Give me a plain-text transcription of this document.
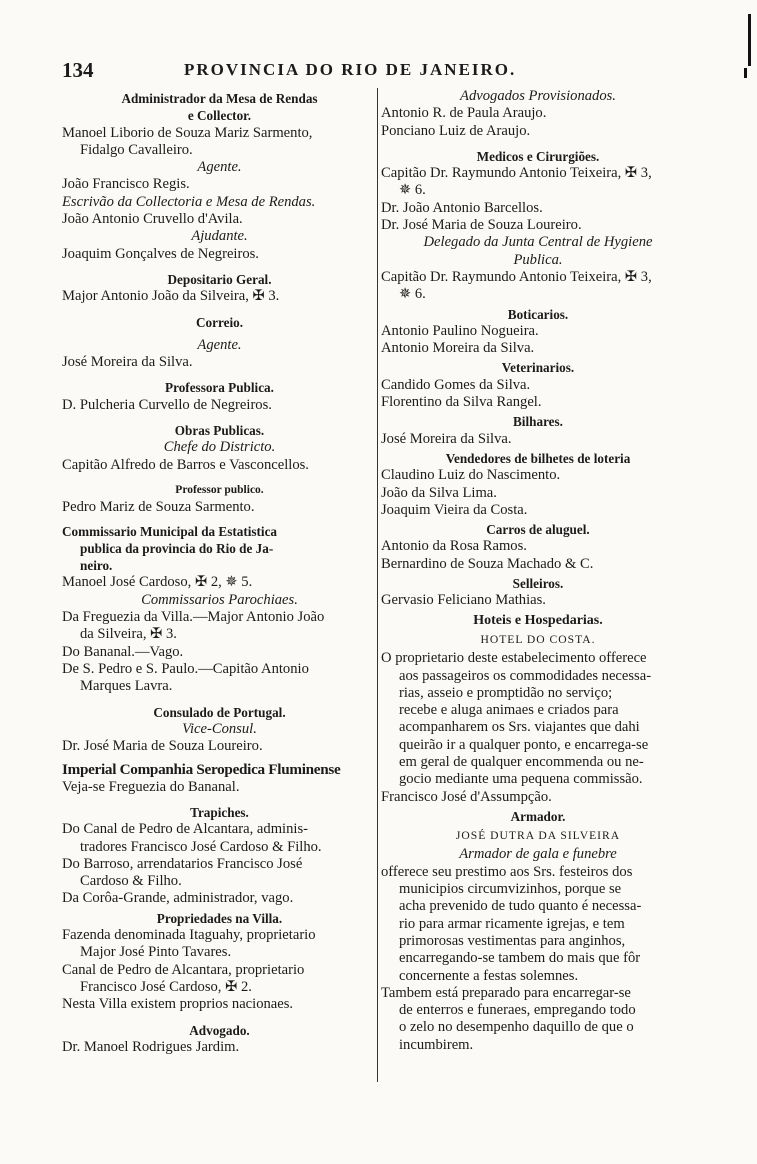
134	PROVINCIA DO RIO DE JANEIRO.
Administrador da Mesa de Rendas
e Collector.
Manoel Liborio de Souza Mariz Sarmento,
Fidalgo Cavalleiro.
Agente.
João Francisco Regis.
Escrivão da Collectoria e Mesa de Rendas.
João Antonio Cruvello d'Avila.
Ajudante.
Joaquim Gonçalves de Negreiros.
Depositario Geral.
Major Antonio João da Silveira, ✠ 3.
Correio.
Agente.
José Moreira da Silva.
Professora Publica.
D. Pulcheria Curvello de Negreiros.
Obras Publicas.
Chefe do Districto.
Capitão Alfredo de Barros e Vasconcellos.
Professor publico.
Pedro Mariz de Souza Sarmento.
Commissario Municipal da Estatistica
publica da provincia do Rio de Ja-
neiro.
Manoel José Cardoso, ✠ 2, ✵ 5.
Commissarios Parochiaes.
Da Freguezia da Villa.—Major Antonio João
da Silveira, ✠ 3.
Do Bananal.—Vago.
De S. Pedro e S. Paulo.—Capitão Antonio
Marques Lavra.
Consulado de Portugal.
Vice-Consul.
Dr. José Maria de Souza Loureiro.
Imperial Companhia Seropedica Fluminense
Veja-se Freguezia do Bananal.
Trapiches.
Do Canal de Pedro de Alcantara, adminis-
tradores Francisco José Cardoso & Filho.
Do Barroso, arrendatarios Francisco José
Cardoso & Filho.
Da Corôa-Grande, administrador, vago.
Propriedades na Villa.
Fazenda denominada Itaguahy, proprietario
Major José Pinto Tavares.
Canal de Pedro de Alcantara, proprietario
Francisco José Cardoso, ✠ 2.
Nesta Villa existem proprios nacionaes.
Advogado.
Dr. Manoel Rodrigues Jardim.
Advogados Provisionados.
Antonio R. de Paula Araujo.
Ponciano Luiz de Araujo.
Medicos e Cirurgiões.
Capitão Dr. Raymundo Antonio Teixeira, ✠ 3,
✵ 6.
Dr. João Antonio Barcellos.
Dr. José Maria de Souza Loureiro.
Delegado da Junta Central de Hygiene
Publica.
Capitão Dr. Raymundo Antonio Teixeira, ✠ 3,
✵ 6.
Boticarios.
Antonio Paulino Nogueira.
Antonio Moreira da Silva.
Veterinarios.
Candido Gomes da Silva.
Florentino da Silva Rangel.
Bilhares.
José Moreira da Silva.
Vendedores de bilhetes de loteria
Claudino Luiz do Nascimento.
João da Silva Lima.
Joaquim Vieira da Costa.
Carros de aluguel.
Antonio da Rosa Ramos.
Bernardino de Souza Machado & C.
Selleiros.
Gervasio Feliciano Mathias.
Hoteis e Hospedarias.
HOTEL DO COSTA.
O proprietario deste estabelecimento offerece
aos passageiros os commodidades necessa-
rias, asseio e promptidão no serviço;
recebe e aluga animaes e criados para
acompanharem os Srs. viajantes que dahi
queirão ir a qualquer ponto, e encarrega-se
em geral de qualquer encommenda ou ne-
gocio mediante uma pequena commissão.
Francisco José d'Assumpção.
Armador.
JOSÉ DUTRA DA SILVEIRA
Armador de gala e funebre
offerece seu prestimo aos Srs. festeiros dos
municipios circumvizinhos, porque se
acha prevenido de tudo quanto é necessa-
rio para armar ricamente igrejas, e tem
primorosas vestimentas para anginhos,
encarregando-se tambem do mais que fôr
concernente a festas solemnes.
Tambem está preparado para encarregar-se
de enterros e funeraes, empregando todo
o zelo no desempenho daquillo de que o
incumbirem.
